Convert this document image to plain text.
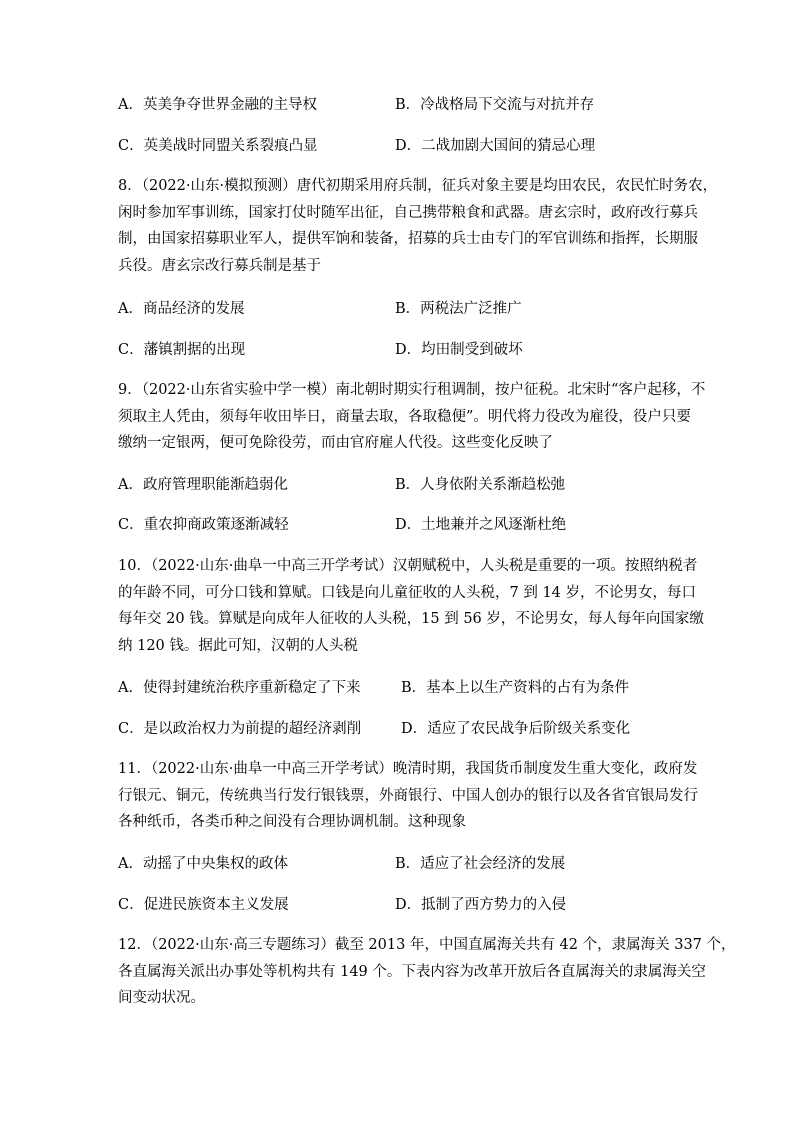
A．英美争夺世界金融的主导权	B．冷战格局下交流与对抗并存
C．英美战时同盟关系裂痕凸显	D．二战加剧大国间的猜忌心理
8．（2022·山东·模拟预测）唐代初期采用府兵制，征兵对象主要是均田农民，农民忙时务农，
闲时参加军事训练，国家打仗时随军出征，自己携带粮食和武器。唐玄宗时，政府改行募兵
制，由国家招募职业军人，提供军饷和装备，招募的兵士由专门的军官训练和指挥，长期服
兵役。唐玄宗改行募兵制是基于
A．商品经济的发展	B．两税法广泛推广
C．藩镇割据的出现	D．均田制受到破坏
9．（2022·山东省实验中学一模）南北朝时期实行租调制，按户征税。北宋时“客户起移，不
须取主人凭由，须每年收田毕日，商量去取，各取稳便”。明代将力役改为雇役，役户只要
缴纳一定银两，便可免除役劳，而由官府雇人代役。这些变化反映了
A．政府管理职能渐趋弱化	B．人身依附关系渐趋松弛
C．重农抑商政策逐渐减轻	D．土地兼并之风逐渐杜绝
10．（2022·山东·曲阜一中高三开学考试）汉朝赋税中，人头税是重要的一项。按照纳税者
的年龄不同，可分口钱和算赋。口钱是向儿童征收的人头税，7 到 14 岁，不论男女，每口
每年交 20 钱。算赋是向成年人征收的人头税，15 到 56 岁，不论男女，每人每年向国家缴
纳 120 钱。据此可知，汉朝的人头税
A．使得封建统治秩序重新稳定了下来	B．基本上以生产资料的占有为条件
C．是以政治权力为前提的超经济剥削	D．适应了农民战争后阶级关系变化
11．（2022·山东·曲阜一中高三开学考试）晚清时期，我国货币制度发生重大变化，政府发
行银元、铜元，传统典当行发行银钱票，外商银行、中国人创办的银行以及各省官银局发行
各种纸币，各类币种之间没有合理协调机制。这种现象
A．动摇了中央集权的政体	B．适应了社会经济的发展
C．促进民族资本主义发展	D．抵制了西方势力的入侵
12．（2022·山东·高三专题练习）截至 2013 年，中国直属海关共有 42 个，隶属海关 337 个，
各直属海关派出办事处等机构共有 149 个。下表内容为改革开放后各直属海关的隶属海关空
间变动状况。
